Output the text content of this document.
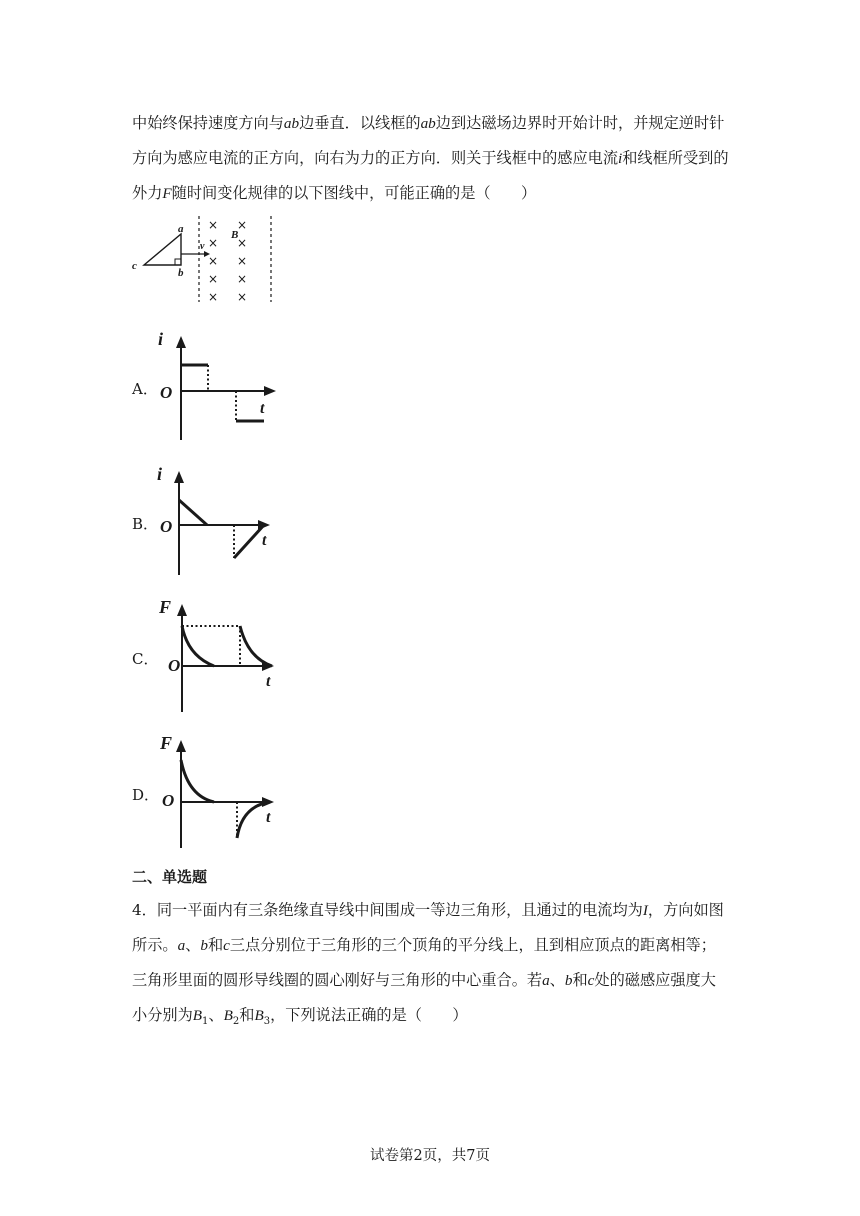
中始终保持速度方向与ab边垂直．以线框的ab边到达磁场边界时开始计时，并规定逆时针
方向为感应电流的正方向，向右为力的正方向．则关于线框中的感应电流i和线框所受到的
外力F随时间变化规律的以下图线中，可能正确的是（　　）

a
c
b
v
B
× ×
× ×
× ×
× ×
× ×
A．
i
O
t
B．
i
O
t
C．
F
O
t
D．
F
O
t
二、单选题

4．同一平面内有三条绝缘直导线中间围成一等边三角形，且通过的电流均为I，方向如图
所示。a、b和c三点分别位于三角形的三个顶角的平分线上，且到相应顶点的距离相等；
三角形里面的圆形导线圈的圆心刚好与三角形的中心重合。若a、b和c处的磁感应强度大
小分别为$B_1$、$B_2$和$B_3$，下列说法正确的是（　　）

试卷第2页，共7页
